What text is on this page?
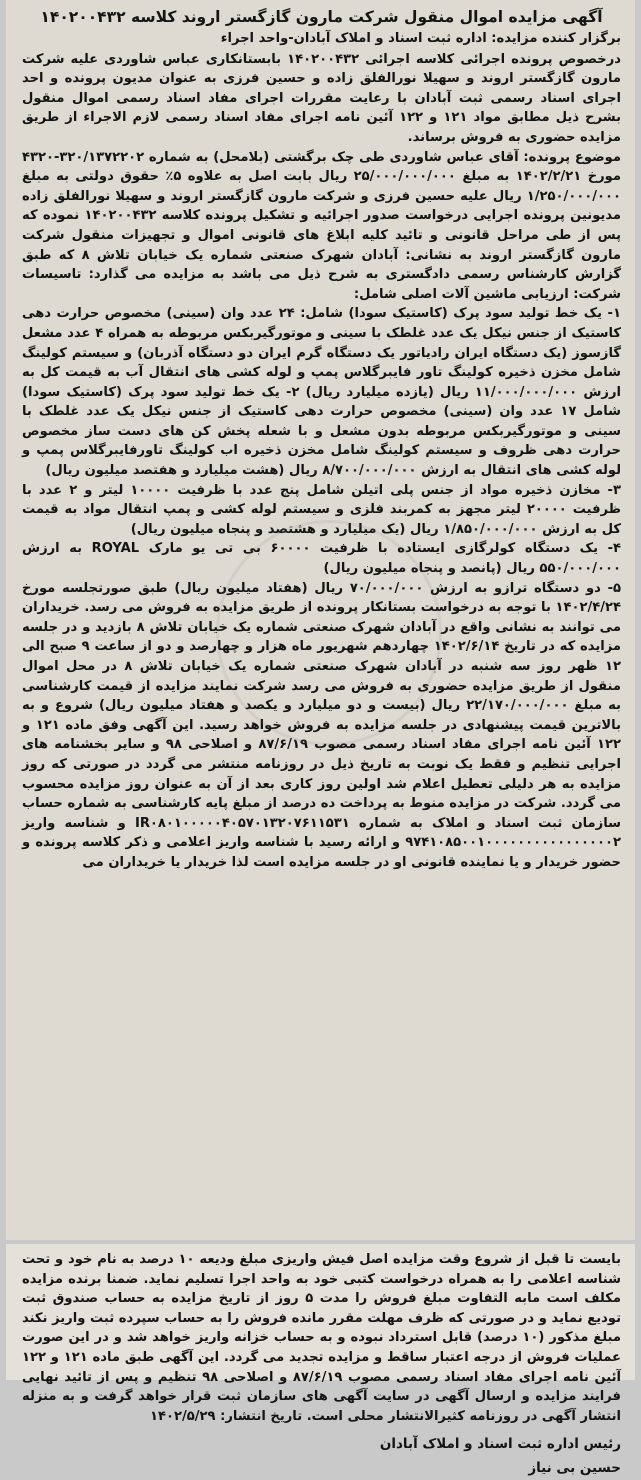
آگهی مزایده اموال منقول شرکت مارون گازگستر اروند کلاسه ۱۴۰۲۰۰۴۳۲

برگزار کننده مزایده: اداره ثبت اسناد و املاک آبادان-واحد اجراء

درخصوص پرونده اجرائی کلاسه اجرائی ۱۴۰۲۰۰۴۳۲ بابستانکاری عباس شاوردی علیه شرکت مارون گازگستر اروند و سهیلا نورالفلق زاده و حسین فرزی به عنوان مدیون پرونده و احد اجرای اسناد رسمی ثبت آبادان با رعایت مقررات اجرای مفاد اسناد رسمی اموال منقول بشرح ذیل مطابق مواد ۱۲۱ و ۱۲۲ آئین نامه اجرای مفاد اسناد رسمی لازم الاجراء از طریق مزایده حضوری به فروش برساند.

موضوع پرونده: آقای عباس شاوردی طی چک برگشتی (بلامحل) به شماره ۳۲۰/۱۳۷۲۲۰۲-۴۳۲۰ مورخ ۱۴۰۲/۲/۲۱ به مبلغ ۲۵/۰۰۰/۰۰۰/۰۰۰ ریال بابت اصل به علاوه ۵٪ حقوق دولتی به مبلغ ۱/۲۵۰/۰۰۰/۰۰۰ ریال علیه حسین فرزی و شرکت مارون گازگستر اروند و سهیلا نورالفلق زاده مدیونین پرونده اجرایی درخواست صدور اجرائیه و تشکیل پرونده کلاسه ۱۴۰۲۰۰۴۳۲ نموده که پس از طی مراحل قانونی و تائید کلیه ابلاغ های قانونی اموال و تجهیزات منقول شرکت مارون گازگستر اروند به نشانی: آبادان شهرک صنعتی شماره یک خیابان تلاش ۸ که طبق گزارش کارشناس رسمی دادگستری به شرح ذیل می باشد به مزایده می گذارد: تاسیسات شرکت: ارزیابی ماشین آلات اصلی شامل:

۱- یک خط تولید سود پرک (کاستیک سودا) شامل: ۲۴ عدد وان (سینی) مخصوص حرارت دهی کاستیک از جنس نیکل یک عدد غلطک با سینی و موتورگیربکس مربوطه به همراه ۴ عدد مشعل گازسوز (یک دستگاه ایران رادیاتور یک دستگاه گرم ایران دو دستگاه آذربان) و سیستم کولینگ شامل مخزن ذخیره کولینگ تاور فایبرگلاس پمپ و لوله کشی های انتقال آب به قیمت کل به ارزش ۱۱/۰۰۰/۰۰۰/۰۰۰ ریال (یازده میلیارد ریال) ۲- یک خط تولید سود پرک (کاستیک سودا) شامل ۱۷ عدد وان (سینی) مخصوص حرارت دهی کاستیک از جنس نیکل یک عدد غلطک با سینی و موتورگیربکس مربوطه بدون مشعل و با شعله پخش کن های دست ساز مخصوص حرارت دهی ظروف و سیستم کولینگ شامل مخزن ذخیره اب کولینگ تاورفایبرگلاس پمپ و لوله کشی های انتقال به ارزش ۸/۷۰۰/۰۰۰/۰۰۰ ریال (هشت میلیارد و هفتصد میلیون ریال)

۳- مخازن ذخیره مواد از جنس پلی اتیلن شامل پنج عدد با ظرفیت ۱۰۰۰۰ لیتر و ۲ عدد با ظرفیت ۲۰۰۰۰ لیتر مجهز به کمربند فلزی و سیستم لوله کشی و پمپ انتقال مواد به قیمت کل به ارزش ۱/۸۵۰/۰۰۰/۰۰۰ ریال (یک میلیارد و هشتصد و پنجاه میلیون ریال)

۴- یک دستگاه کولرگازی ایستاده با ظرفیت ۶۰۰۰۰ بی تی یو مارک ROYAL به ارزش ۵۵۰/۰۰۰/۰۰۰ ریال (پانصد و پنجاه میلیون ریال)

۵- دو دستگاه ترازو به ارزش ۷۰/۰۰۰/۰۰۰ ریال (هفتاد میلیون ریال) طبق صورتجلسه مورخ ۱۴۰۲/۴/۲۴ با توجه به درخواست بستانکار پرونده از طریق مزایده به فروش می رسد. خریداران می توانند به نشانی واقع در آبادان شهرک صنعتی شماره یک خیابان تلاش ۸ بازدید و در جلسه مزایده که در تاریخ ۱۴۰۲/۶/۱۴ چهاردهم شهریور ماه هزار و چهارصد و دو از ساعت ۹ صبح الی ۱۲ ظهر روز سه شنبه در آبادان شهرک صنعتی شماره یک خیابان تلاش ۸ در محل اموال منقول از طریق مزایده حضوری به فروش می رسد شرکت نمایند مزایده از قیمت کارشناسی به مبلغ ۲۲/۱۷۰/۰۰۰/۰۰۰ ریال (بیست و دو میلیارد و یکصد و هفتاد میلیون ریال) شروع و به بالاترین قیمت پیشنهادی در جلسه مزایده به فروش خواهد رسید. این آگهی وفق ماده ۱۲۱ و ۱۲۲ آئین نامه اجرای مفاد اسناد رسمی مصوب ۸۷/۶/۱۹ و اصلاحی ۹۸ و سایر بخشنامه های اجرایی تنظیم و فقط یک نوبت به تاریخ ذیل در روزنامه منتشر می گردد در صورتی که روز مزایده به هر دلیلی تعطیل اعلام شد اولین روز کاری بعد از آن به عنوان روز مزایده محسوب می گردد. شرکت در مزایده منوط به پرداخت ده درصد از مبلغ پایه کارشناسی به شماره حساب سازمان ثبت اسناد و املاک به شماره IR۰۸۰۱۰۰۰۰۰۴۰۵۷۰۱۳۲۰۷۶۱۱۵۳۱ و شناسه واریز ۹۷۴۱۰۸۵۰۰۱۰۰۰۰۰۰۰۰۰۰۰۰۰۰۰۰۲ و ارائه رسید با شناسه واریز اعلامی و ذکر کلاسه پرونده و حضور خریدار و یا نماینده قانونی او در جلسه مزایده است لذا خریدار یا خریداران می

بایست تا قبل از شروع وقت مزایده اصل فیش واریزی مبلغ ودیعه ۱۰ درصد به نام خود و تحت شناسه اعلامی را به همراه درخواست کتبی خود به واحد اجرا تسلیم نماید. ضمنا برنده مزایده مکلف است مابه التفاوت مبلغ فروش را مدت ۵ روز از تاریخ مزایده به حساب صندوق ثبت تودیع نماید و در صورتی که ظرف مهلت مقرر مانده فروش را به حساب سپرده ثبت واریز نکند مبلغ مذکور (۱۰ درصد) قابل استرداد نبوده و به حساب خزانه واریز خواهد شد و در این صورت عملیات فروش از درجه اعتبار ساقط و مزایده تجدید می گردد. این آگهی طبق ماده ۱۲۱ و ۱۲۲ آئین نامه اجرای مفاد اسناد رسمی مصوب ۸۷/۶/۱۹ و اصلاحی ۹۸ تنظیم و پس از تائید نهایی فرایند مزایده و ارسال آگهی در سایت آگهی های سازمان ثبت قرار خواهد گرفت و به منزله انتشار آگهی در روزنامه کثیرالانتشار محلی است. تاریخ انتشار: ۱۴۰۲/۵/۲۹

رئیس اداره ثبت اسناد و املاک آبادان
حسین بی نیاز
